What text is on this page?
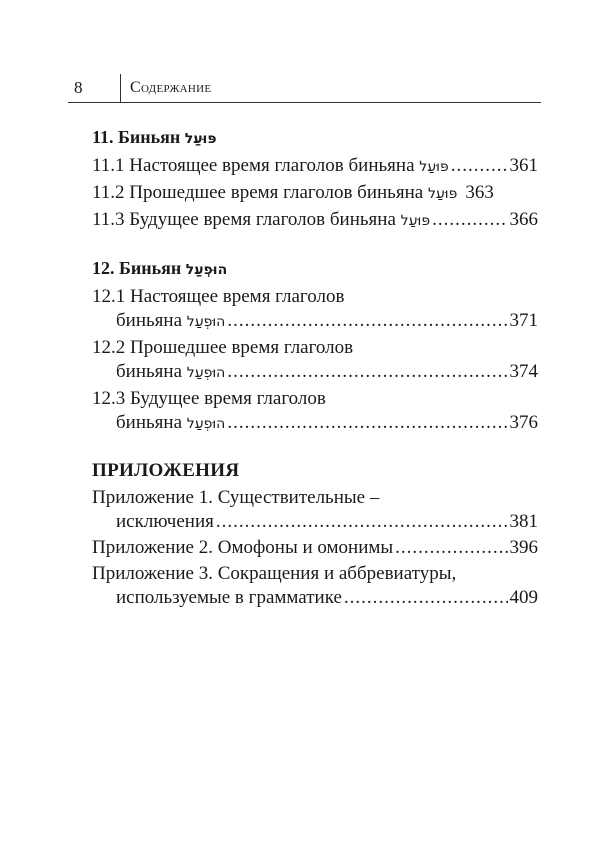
8	Содержание
11. Биньян פּוּעַל
11.1 Настоящее время глаголов биньяна פּוּעַל .....	361
11.2 Прошедшее время глаголов биньяна פּוּעַל 363
11.3 Будущее время глаголов биньяна פּוּעַל .....	366
12. Биньян הוּפְעַל
12.1 Настоящее время глаголов
биньяна הוּפְעַל .....	371
12.2 Прошедшее время глаголов
биньяна הוּפְעַל .....	374
12.3 Будущее время глаголов
биньяна הוּפְעַל .....	376
ПРИЛОЖЕНИЯ
Приложение 1. Существительные –
исключения .....	381
Приложение 2. Омофоны и омонимы .....	396
Приложение 3. Сокращения и аббревиатуры,
используемые в грамматике .....	409
